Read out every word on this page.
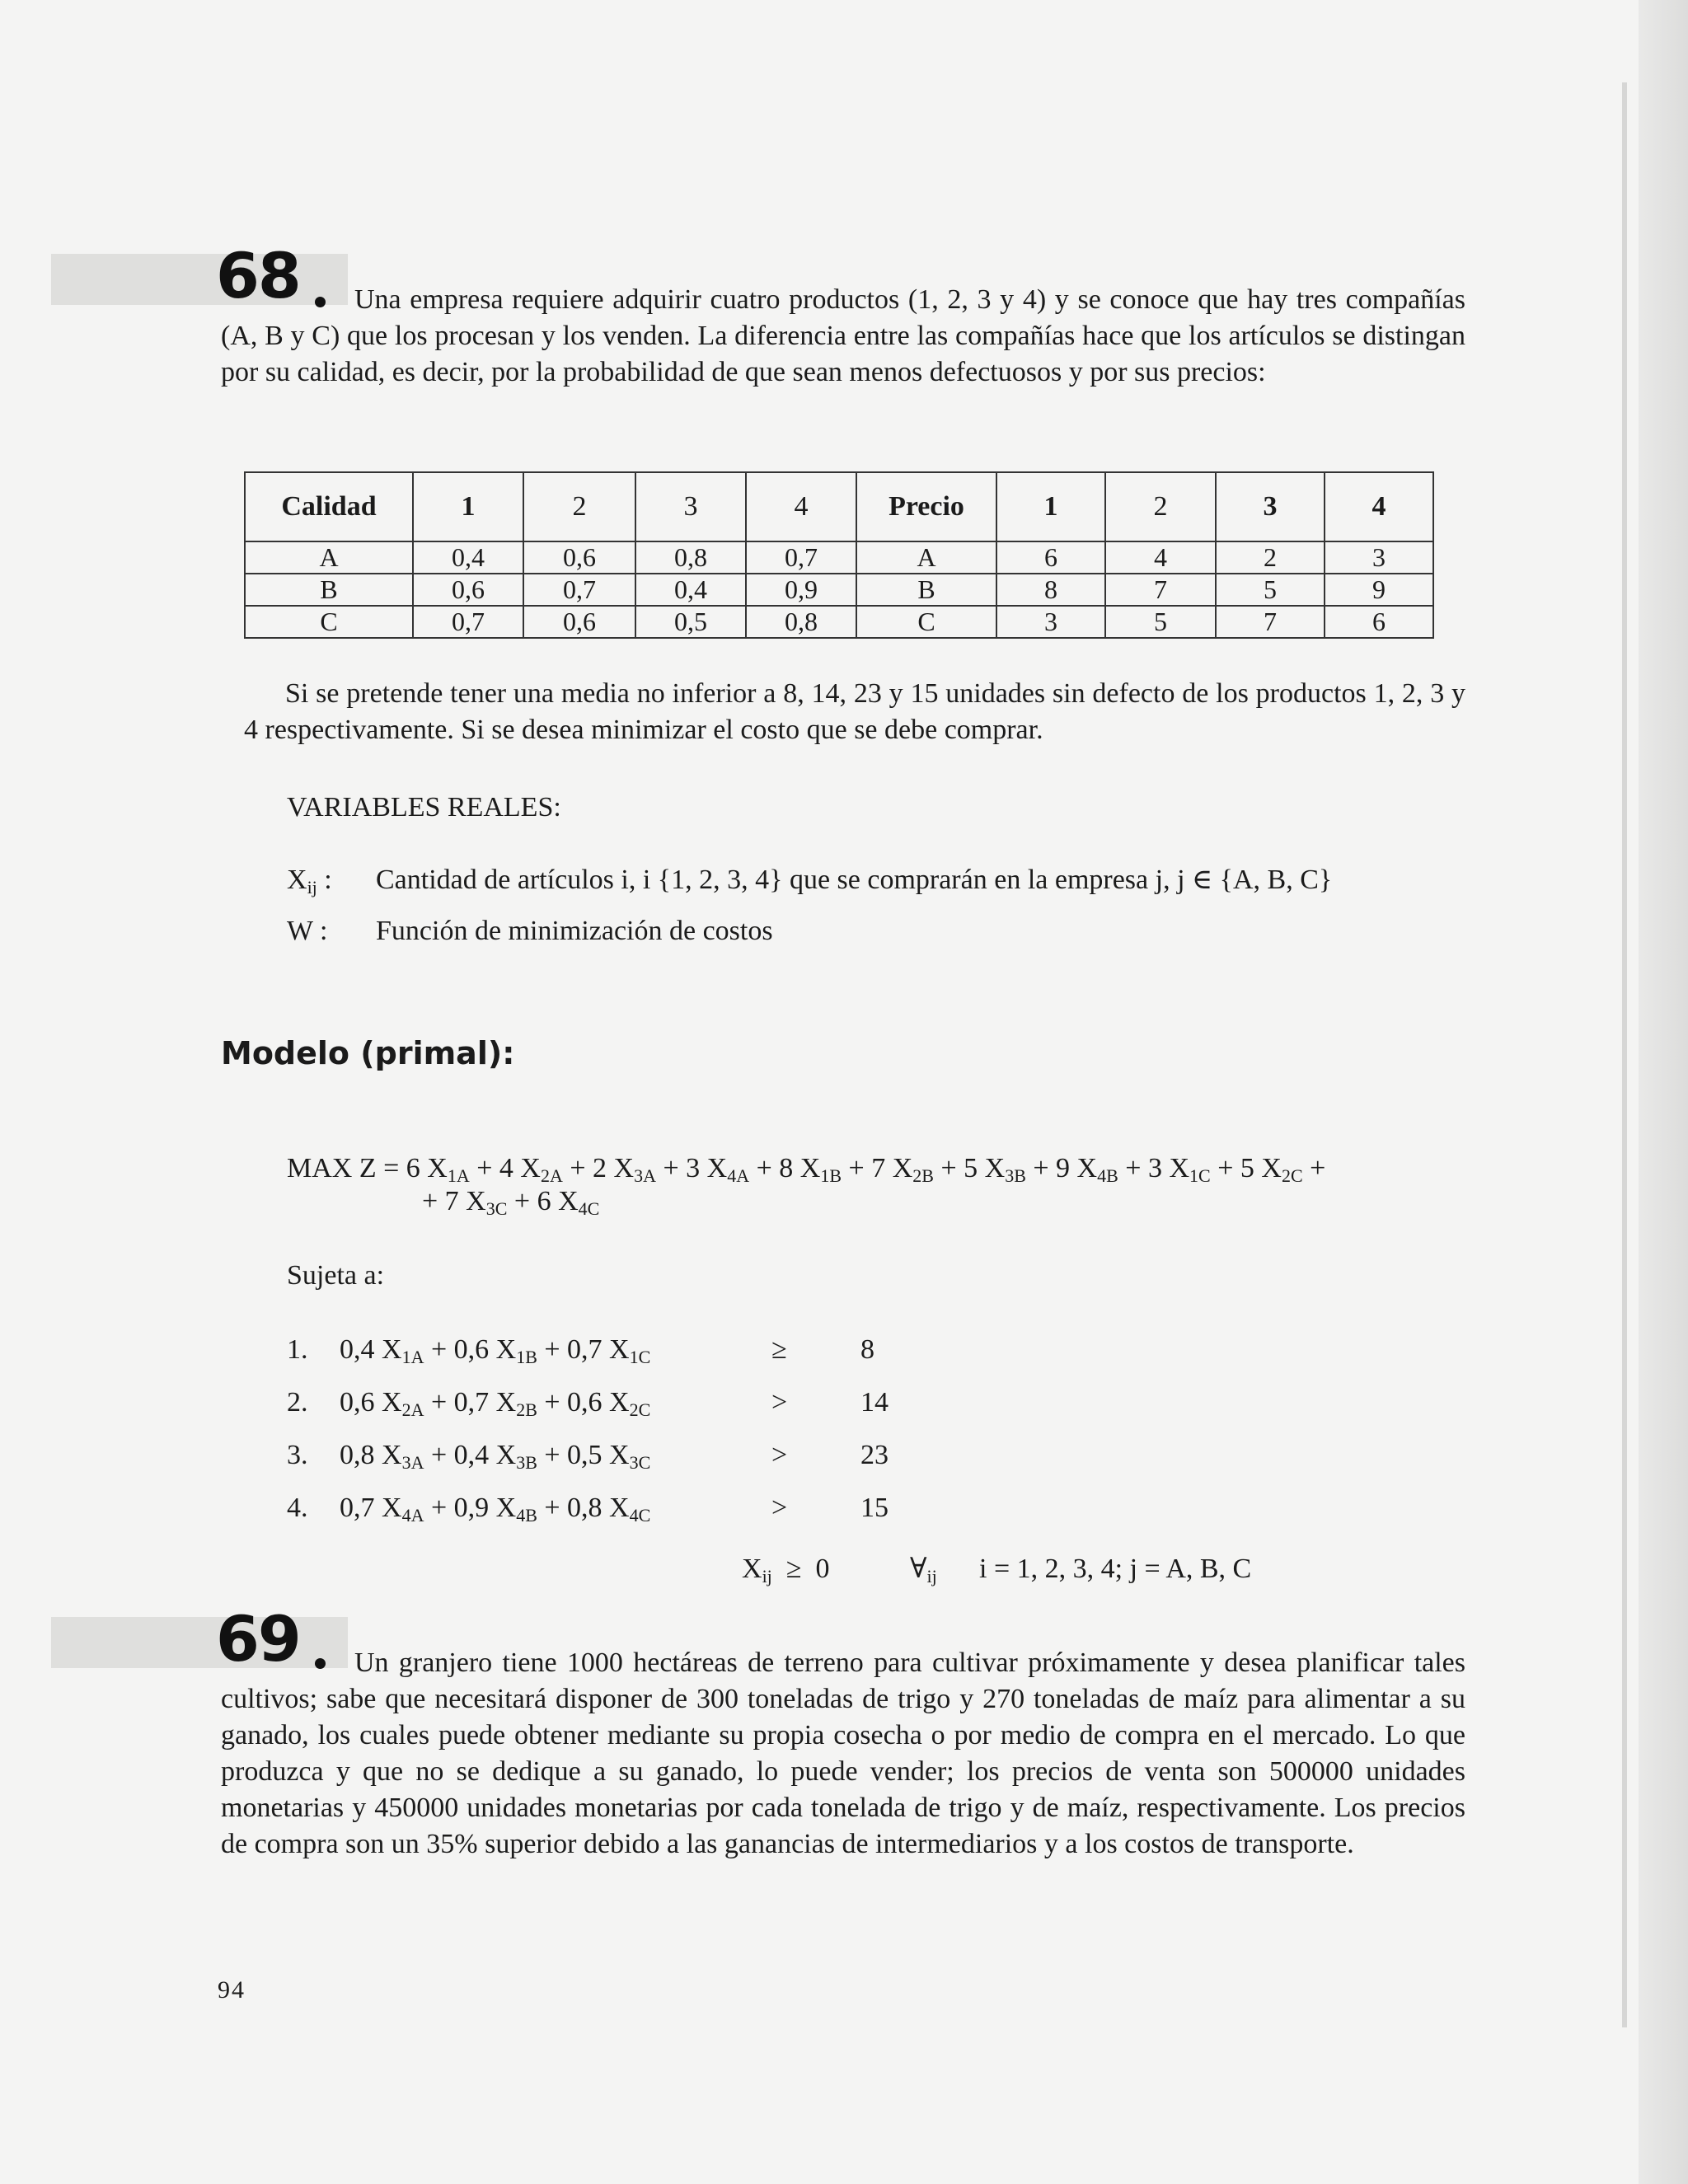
68	Una empresa requiere adquirir cuatro productos (1, 2, 3 y 4) y se conoce que hay tres compañías (A, B y C) que los procesan y los venden. La diferencia entre las compañías hace que los artículos se distingan por su calidad, es decir, por la probabilidad de que sean menos defectuosos y por sus precios:
Calidad	1	2	3	4	Precio	1	2	3	4
A	0,4	0,6	0,8	0,7	A	6	4	2	3
B	0,6	0,7	0,4	0,9	B	8	7	5	9
C	0,7	0,6	0,5	0,8	C	3	5	7	6
Si se pretende tener una media no inferior a 8, 14, 23 y 15 unidades sin defecto de los productos 1, 2, 3 y 4 respectivamente. Si se desea minimizar el costo que se debe comprar.
VARIABLES REALES:
$X_{ij}$ : Cantidad de artículos i, i {1, 2, 3, 4} que se comprarán en la empresa j, j ∈ {A, B, C}
W : Función de minimización de costos
Modelo (primal):
MAX Z = 6 $X_{1A} + 4$ $X_{2A} + 2$ $X_{3A} + 3$ $X_{4A} + 8$ $X_{1B} + 7$ $X_{2B} + 5$ $X_{3B} + 9$ $X_{4B} + 3$ $X_{1C} + 5$ $X_{2C}$ +
+ 7 $X_{3C} + 6$ $X_{4C}$
Sujeta a:
1. 0,4 $X_{1A} + 0,6$ $X_{1B} + 0,7$ $X_{1C}$	≥	8
2. 0,6 $X_{2A} + 0,7$ $X_{2B} + 0,6$ $X_{2C}$	>	14
3. 0,8 $X_{3A} + 0,4$ $X_{3B} + 0,5$ $X_{3C}$	>	23
4. 0,7 $X_{4A} + 0,9$ $X_{4B} + 0,8$ $X_{4C}$	>	15
$X_{ij} \ge 0$	$\forall_{ij}$ i = 1, 2, 3, 4; j = A, B, C
69	Un granjero tiene 1000 hectáreas de terreno para cultivar próximamente y desea planificar tales cultivos; sabe que necesitará disponer de 300 toneladas de trigo y 270 toneladas de maíz para alimentar a su ganado, los cuales puede obtener mediante su propia cosecha o por medio de compra en el mercado. Lo que produzca y que no se dedique a su ganado, lo puede vender; los precios de venta son 500000 unidades monetarias y 450000 unidades monetarias por cada tonelada de trigo y de maíz, respectivamente. Los precios de compra son un 35% superior debido a las ganancias de intermediarios y a los costos de transporte.
94
